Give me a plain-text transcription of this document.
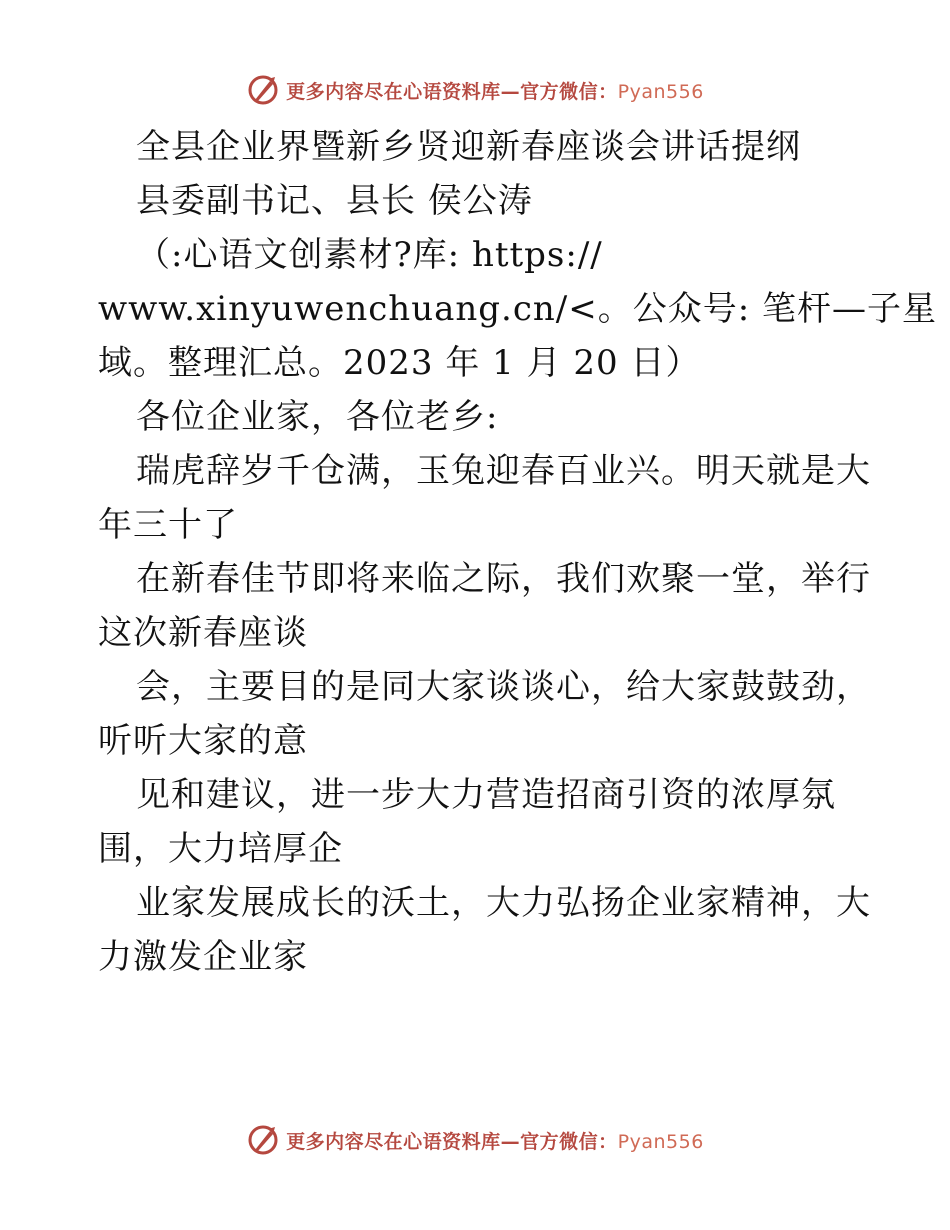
更多内容尽在心语资料库—官方微信：Pyan556
全县企业界暨新乡贤迎新春座谈会讲话提纲
县委副书记、县长 侯公涛
（:心语文创素材?库: https://
www.xinyuwenchuang.cn/<。公众号: 笔杆—子星
域。整理汇总。2023 年 1 月 20 日）
各位企业家，各位老乡:
瑞虎辞岁千仓满，玉兔迎春百业兴。明天就是大
年三十了
在新春佳节即将来临之际，我们欢聚一堂，举行
这次新春座谈
会，主要目的是同大家谈谈心，给大家鼓鼓劲，
听听大家的意
见和建议，进一步大力营造招商引资的浓厚氛
围，大力培厚企
业家发展成长的沃土，大力弘扬企业家精神，大
力激发企业家
更多内容尽在心语资料库—官方微信：Pyan556
